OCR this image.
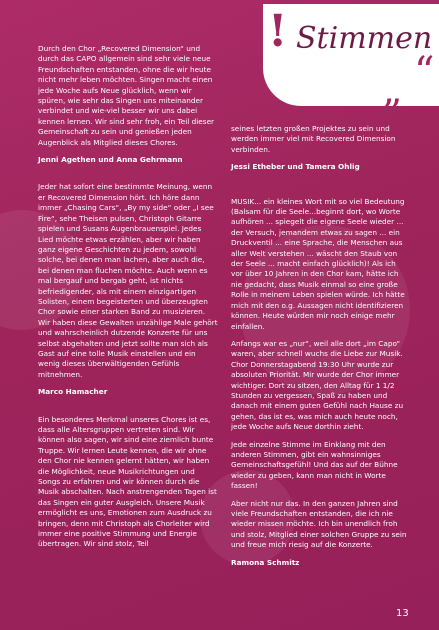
! Stimmen
“
„

Durch den Chor „Recovered Dimension“ und durch das CAPO allgemein sind sehr viele neue Freundschaften entstanden, ohne die wir heute nicht mehr leben möchten. Singen macht einen jede Woche aufs Neue glücklich, wenn wir spüren, wie sehr das Singen uns miteinander verbindet und wie-viel besser wir uns dabei kennen lernen. Wir sind sehr froh, ein Teil dieser Gemeinschaft zu sein und genießen jeden Augenblick als Mitglied dieses Chores.

Jenni Agethen und Anna Gehrmann

Jeder hat sofort eine bestimmte Meinung, wenn er Recovered Dimension hört. Ich höre dann immer „Chasing Cars“, „By my side“ oder „I see Fire“, sehe Theisen pulsen, Christoph Gitarre spielen und Susans Augenbrauenspiel. Jedes Lied möchte etwas erzählen, aber wir haben ganz eigene Geschichten zu jedem, sowohl solche, bei denen man lachen, aber auch die, bei denen man fluchen möchte. Auch wenn es mal bergauf und bergab geht, ist nichts befriedigender, als mit einem einzigartigen Solisten, einem begeisterten und überzeugten Chor sowie einer starken Band zu musizieren. Wir haben diese Gewalten unzählige Male gehört und wahrscheinlich dutzende Konzerte für uns selbst abgehalten und jetzt sollte man sich als Gast auf eine tolle Musik einstellen und ein wenig dieses überwältigenden Gefühls mitnehmen.

Marco Hamacher

Ein besonderes Merkmal unseres Chores ist es, dass alle Altersgruppen vertreten sind. Wir können also sagen, wir sind eine ziemlich bunte Truppe. Wir lernen Leute kennen, die wir ohne den Chor nie kennen gelernt hätten, wir haben die Möglichkeit, neue Musikrichtungen und Songs zu erfahren und wir können durch die Musik abschalten. Nach anstrengenden Tagen ist das Singen ein guter Ausgleich. Unsere Musik ermöglicht es uns, Emotionen zum Ausdruck zu bringen, denn mit Christoph als Chorleiter wird immer eine positive Stimmung und Energie übertragen. Wir sind stolz, Teil

seines letzten großen Projektes zu sein und werden immer viel mit Recovered Dimension verbinden.

Jessi Etheber und Tamera Ohlig

MUSIK... ein kleines Wort mit so viel Bedeutung (Balsam für die Seele...beginnt dort, wo Worte aufhören ... spiegelt die eigene Seele wieder ... der Versuch, jemandem etwas zu sagen ... ein Druckventil ... eine Sprache, die Menschen aus aller Welt verstehen ... wäscht den Staub von der Seele ... macht einfach glücklich)! Als ich vor über 10 Jahren in den Chor kam, hätte ich nie gedacht, dass Musik einmal so eine große Rolle in meinem Leben spielen würde. Ich hätte mich mit den o.g. Aussagen nicht identifizieren können. Heute würden mir noch einige mehr einfallen.

Anfangs war es „nur“, weil alle dort „im Capo“ waren, aber schnell wuchs die Liebe zur Musik. Chor Donnerstagabend 19:30 Uhr wurde zur absoluten Priorität. Mir wurde der Chor immer wichtiger. Dort zu sitzen, den Alltag für 1 1/2 Stunden zu vergessen, Spaß zu haben und danach mit einem guten Gefühl nach Hause zu gehen, das ist es, was mich auch heute noch, jede Woche aufs Neue dorthin zieht.

Jede einzelne Stimme im Einklang mit den anderen Stimmen, gibt ein wahnsinniges Gemeinschaftsgefühl! Und das auf der Bühne wieder zu geben, kann man nicht in Worte fassen!

Aber nicht nur das. In den ganzen Jahren sind viele Freundschaften entstanden, die ich nie wieder missen möchte. Ich bin unendlich froh und stolz, Mitglied einer solchen Gruppe zu sein und freue mich riesig auf die Konzerte.

Ramona Schmitz

13
